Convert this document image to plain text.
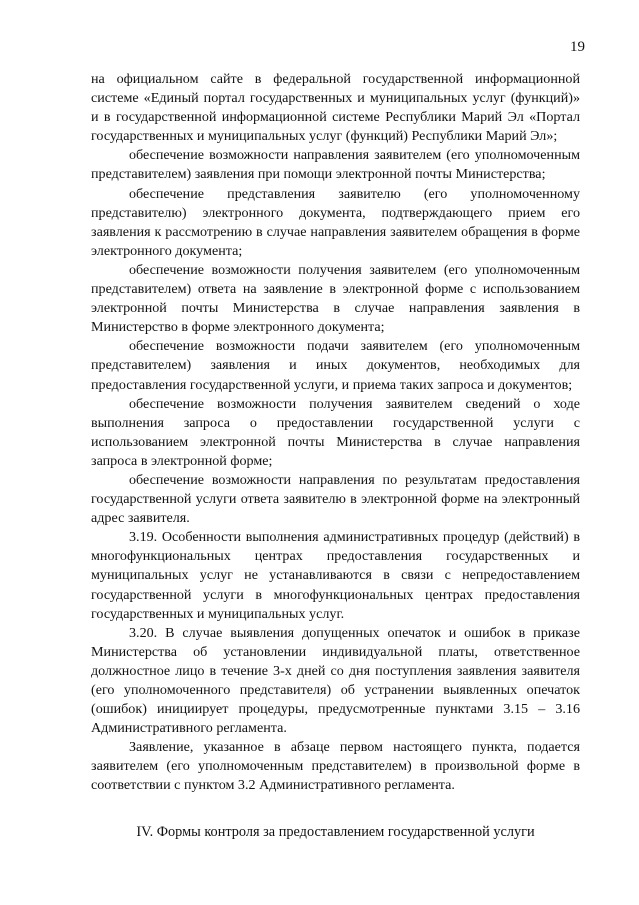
19

на официальном сайте в федеральной государственной информационной системе «Единый портал государственных и муниципальных услуг (функций)» и в государственной информационной системе Республики Марий Эл «Портал государственных и муниципальных услуг (функций) Республики Марий Эл»;

обеспечение возможности направления заявителем (его уполномоченным представителем) заявления при помощи электронной почты Министерства;

обеспечение представления заявителю (его уполномоченному представителю) электронного документа, подтверждающего прием его заявления к рассмотрению в случае направления заявителем обращения в форме электронного документа;

обеспечение возможности получения заявителем (его уполномоченным представителем) ответа на заявление в электронной форме с использованием электронной почты Министерства в случае направления заявления в Министерство в форме электронного документа;

обеспечение возможности подачи заявителем (его уполномоченным представителем) заявления и иных документов, необходимых для предоставления государственной услуги, и приема таких запроса и документов;

обеспечение возможности получения заявителем сведений о ходе выполнения запроса о предоставлении государственной услуги с использованием электронной почты Министерства в случае направления запроса в электронной форме;

обеспечение возможности направления по результатам предоставления государственной услуги ответа заявителю в электронной форме на электронный адрес заявителя.

3.19. Особенности выполнения административных процедур (действий) в многофункциональных центрах предоставления государственных и муниципальных услуг не устанавливаются в связи с непредоставлением государственной услуги в многофункциональных центрах предоставления государственных и муниципальных услуг.

3.20. В случае выявления допущенных опечаток и ошибок в приказе Министерства об установлении индивидуальной платы, ответственное должностное лицо в течение 3-х дней со дня поступления заявления заявителя (его уполномоченного представителя) об устранении выявленных опечаток (ошибок) инициирует процедуры, предусмотренные пунктами 3.15 – 3.16 Административного регламента.

Заявление, указанное в абзаце первом настоящего пункта, подается заявителем (его уполномоченным представителем) в произвольной форме в соответствии с пунктом 3.2 Административного регламента.

IV. Формы контроля за предоставлением государственной услуги
